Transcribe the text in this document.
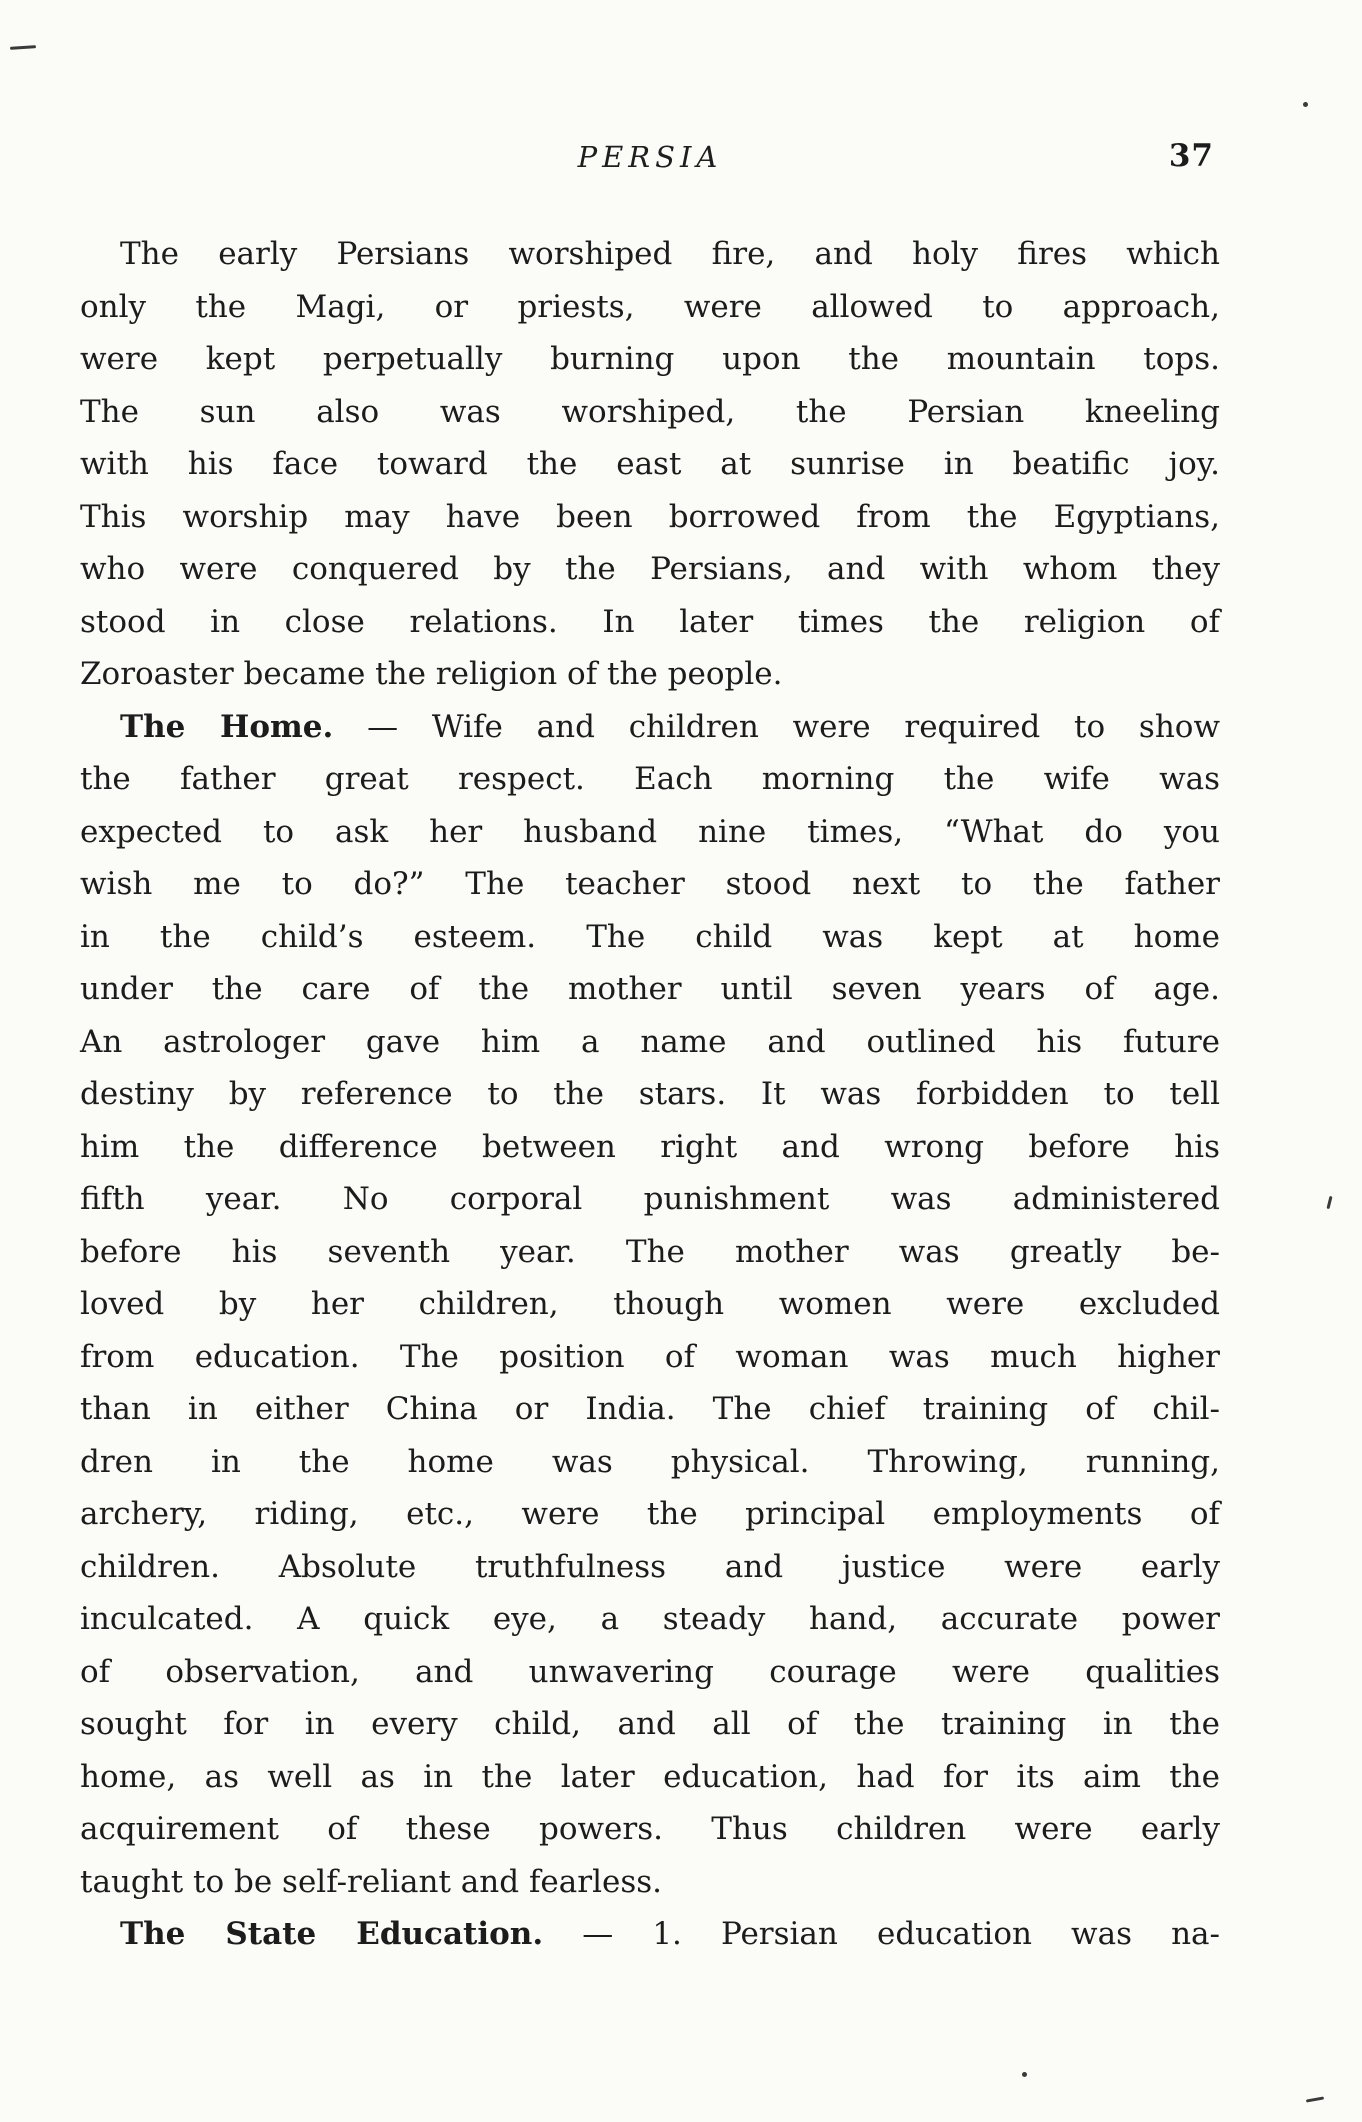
PERSIA	37
The early Persians worshiped fire, and holy fires which
only the Magi, or priests, were allowed to approach,
were kept perpetually burning upon the mountain tops.
The sun also was worshiped, the Persian kneeling
with his face toward the east at sunrise in beatific joy.
This worship may have been borrowed from the Egyptians,
who were conquered by the Persians, and with whom they
stood in close relations. In later times the religion of
Zoroaster became the religion of the people.
The Home. — Wife and children were required to show
the father great respect. Each morning the wife was
expected to ask her husband nine times, “What do you
wish me to do?” The teacher stood next to the father
in the child’s esteem. The child was kept at home
under the care of the mother until seven years of age.
An astrologer gave him a name and outlined his future
destiny by reference to the stars. It was forbidden to tell
him the difference between right and wrong before his
fifth year. No corporal punishment was administered
before his seventh year. The mother was greatly be-
loved by her children, though women were excluded
from education. The position of woman was much higher
than in either China or India. The chief training of chil-
dren in the home was physical. Throwing, running,
archery, riding, etc., were the principal employments of
children. Absolute truthfulness and justice were early
inculcated. A quick eye, a steady hand, accurate power
of observation, and unwavering courage were qualities
sought for in every child, and all of the training in the
home, as well as in the later education, had for its aim the
acquirement of these powers. Thus children were early
taught to be self-reliant and fearless.
The State Education. — 1. Persian education was na-
